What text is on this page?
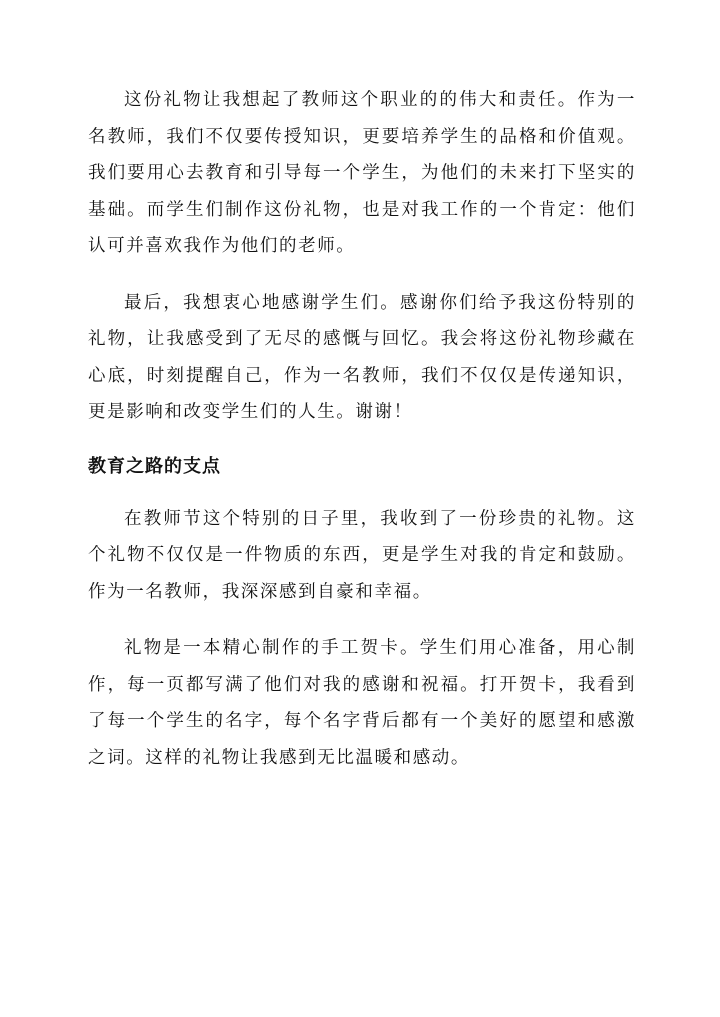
这份礼物让我想起了教师这个职业的的伟大和责任。作为一名教师，我们不仅要传授知识，更要培养学生的品格和价值观。我们要用心去教育和引导每一个学生，为他们的未来打下坚实的基础。而学生们制作这份礼物，也是对我工作的一个肯定：他们认可并喜欢我作为他们的老师。

最后，我想衷心地感谢学生们。感谢你们给予我这份特别的礼物，让我感受到了无尽的感慨与回忆。我会将这份礼物珍藏在心底，时刻提醒自己，作为一名教师，我们不仅仅是传递知识，更是影响和改变学生们的人生。谢谢！

教育之路的支点

在教师节这个特别的日子里，我收到了一份珍贵的礼物。这个礼物不仅仅是一件物质的东西，更是学生对我的肯定和鼓励。作为一名教师，我深深感到自豪和幸福。

礼物是一本精心制作的手工贺卡。学生们用心准备，用心制作，每一页都写满了他们对我的感谢和祝福。打开贺卡，我看到了每一个学生的名字，每个名字背后都有一个美好的愿望和感激之词。这样的礼物让我感到无比温暖和感动。
